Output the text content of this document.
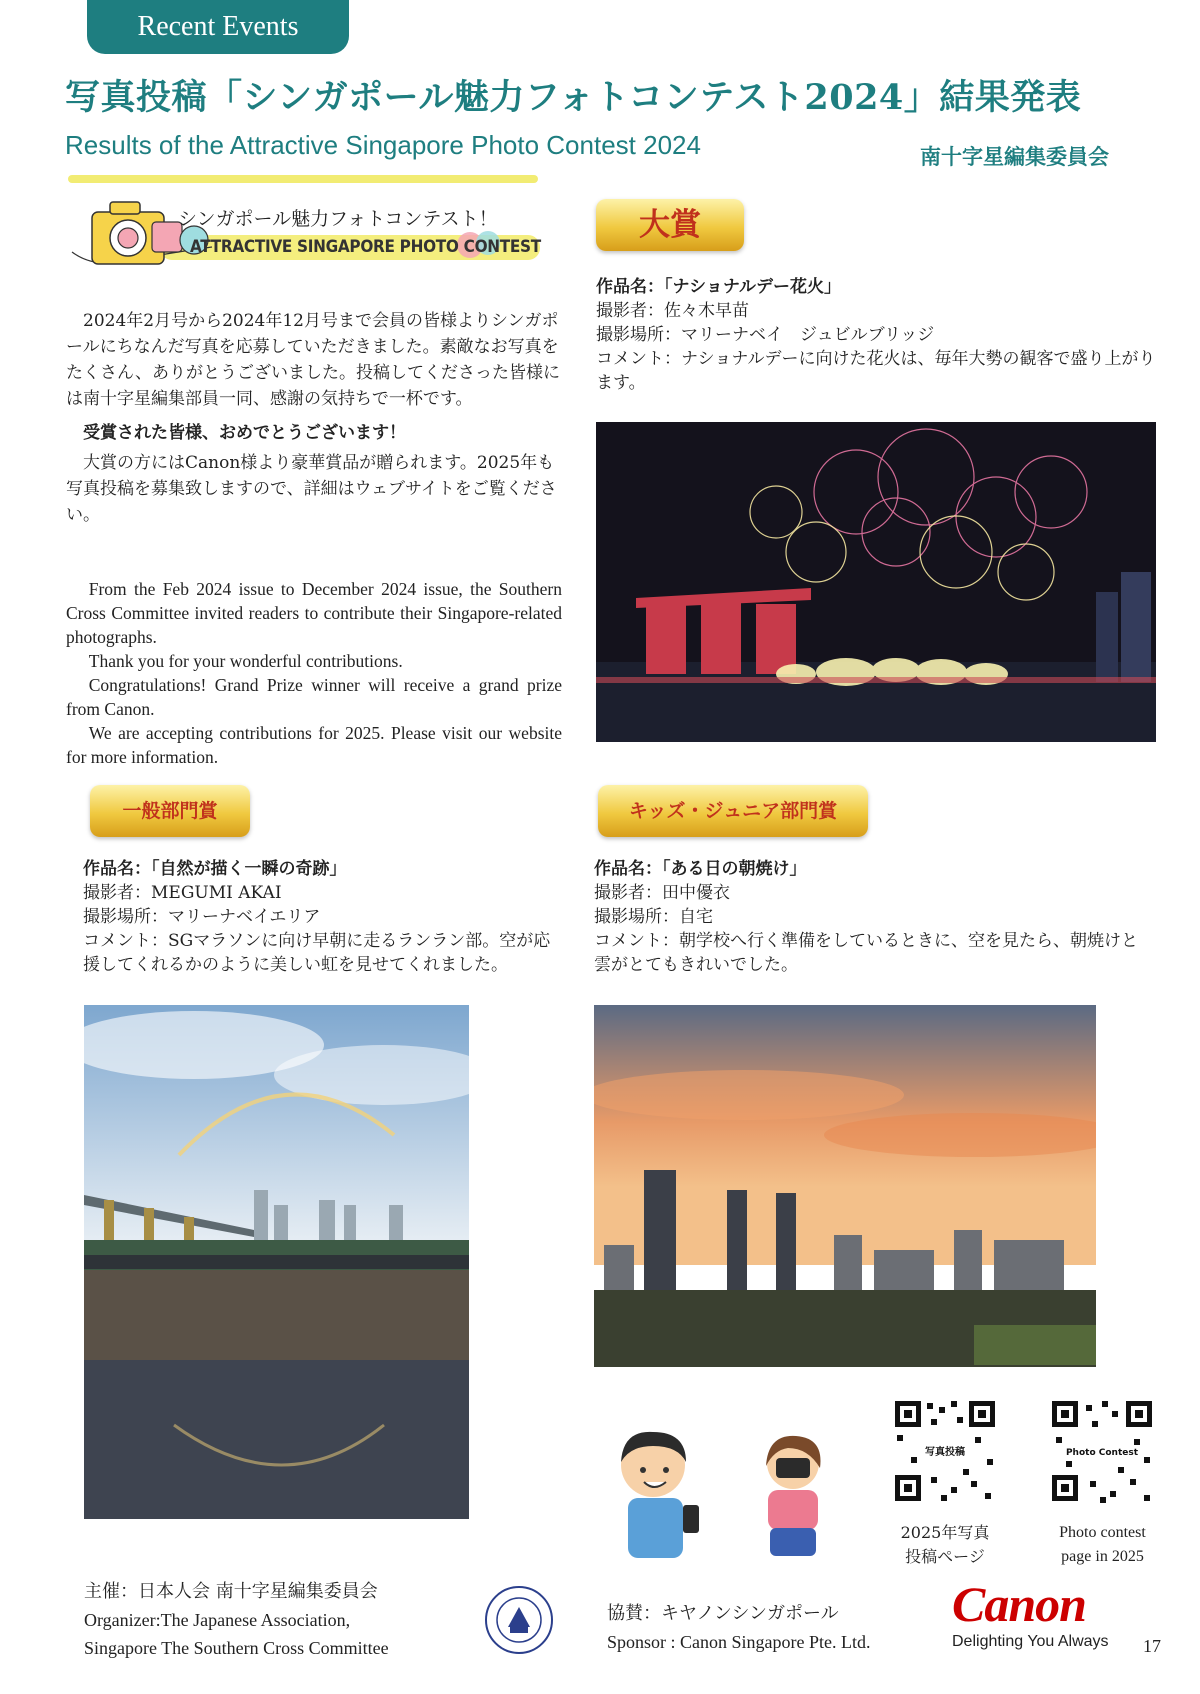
Recent Events
写真投稿「シンガポール魅力フォトコンテスト2024」結果発表
Results of the Attractive Singapore Photo Contest 2024	南十字星編集委員会
シンガポール魅力フォトコンテスト！
ATTRACTIVE SINGAPORE PHOTO CONTEST

2024年2月号から2024年12月号まで会員の皆様よりシンガポールにちなんだ写真を応募していただきました。素敵なお写真をたくさん、ありがとうございました。投稿してくださった皆様には南十字星編集部員一同、感謝の気持ちで一杯です。

受賞された皆様、おめでとうございます！

大賞の方にはCanon様より豪華賞品が贈られます。2025年も写真投稿を募集致しますので、詳細はウェブサイトをご覧ください。

From the Feb 2024 issue to December 2024 issue, the Southern Cross Committee invited readers to contribute their Singapore-related photographs.

Thank you for your wonderful contributions.

Congratulations! Grand Prize winner will receive a grand prize from Canon.

We are accepting contributions for 2025. Please visit our website for more information.

大賞
作品名：「ナショナルデー花火」
撮影者：佐々木早苗
撮影場所：マリーナベイ　ジュビルブリッジ
コメント：ナショナルデーに向けた花火は、毎年大勢の観客で盛り上がります。
一般部門賞
作品名：「自然が描く一瞬の奇跡」
撮影者：MEGUMI AKAI
撮影場所：マリーナベイエリア
コメント：SGマラソンに向け早朝に走るランラン部。空が応援してくれるかのように美しい虹を見せてくれました。
キッズ・ジュニア部門賞
作品名：「ある日の朝焼け」
撮影者：田中優衣
撮影場所：自宅
コメント：朝学校へ行く準備をしているときに、空を見たら、朝焼けと雲がとてもきれいでした。
写真投稿	Photo Contest
2025年写真
投稿ページ
Photo contest
page in 2025
主催：日本人会 南十字星編集委員会
Organizer:The Japanese Association,
Singapore The Southern Cross Committee
協賛：キヤノンシンガポール
Sponsor : Canon Singapore Pte. Ltd.
Canon
Delighting You Always 17
